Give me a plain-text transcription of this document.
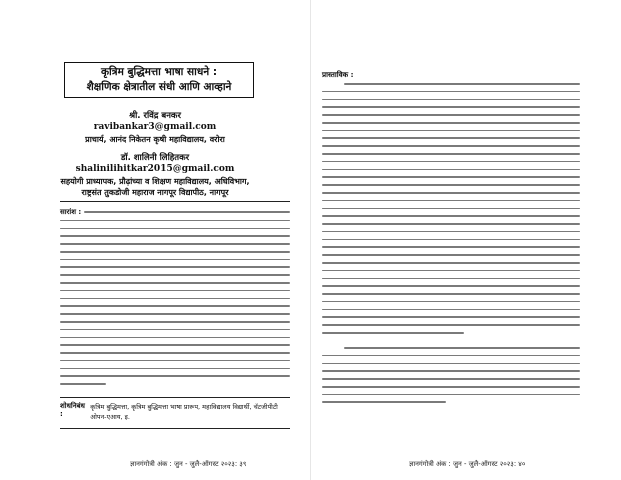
कृत्रिम बुद्धिमत्ता भाषा साधने :
शैक्षणिक क्षेत्रातील संधी आणि आव्हाने
श्री. रविंद्र बनकर
ravibankar3@gmail.com
प्राचार्य, आनंद निकेतन कृषी महाविद्यालय, वरोरा
डॉ. शालिनी लिहितकर
shalinilihitkar2015@gmail.com
सहयोगी प्राध्यापक, प्रौढ़ांच्या व शिक्षण महाविद्यालय, अधिविभाग,
राष्ट्रसंत तुकडोजी महाराज नागपूर विद्यापीठ, नागपूर
सारांश :
शोधनिबंध :
कृत्रिम बुद्धिमत्ता, कृत्रिम बुद्धिमत्ता भाषा प्रारूप, महाविद्यालय विद्यार्थी, चॅटजीपीटी ओपन-एआय, इ.
ज्ञानगंगोत्री अंक : जुन - जुलै-ऑगस्ट २०२३: ३९
प्रास्ताविक :
ज्ञानगंगोत्री अंक : जुन - जुलै-ऑगस्ट २०२३: ४०
